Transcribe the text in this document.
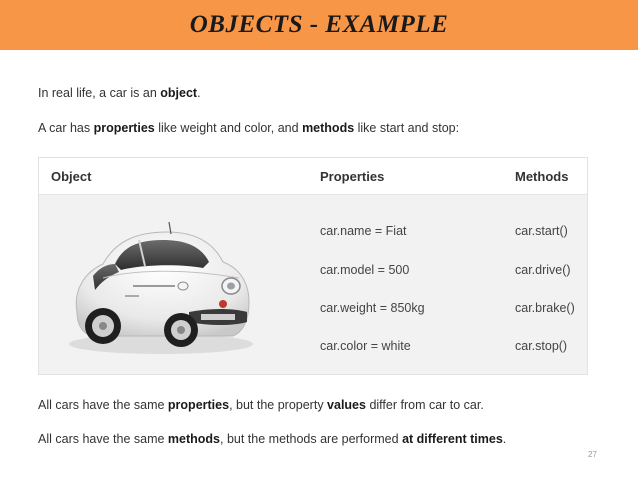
OBJECTS - EXAMPLE
In real life, a car is an object.
A car has properties like weight and color, and methods like start and stop:
Object	Properties	Methods
car.name = Fiat
car.model = 500
car.weight = 850kg
car.color = white
car.start()
car.drive()
car.brake()
car.stop()
All cars have the same properties, but the property values differ from car to car.
All cars have the same methods, but the methods are performed at different times.
27
